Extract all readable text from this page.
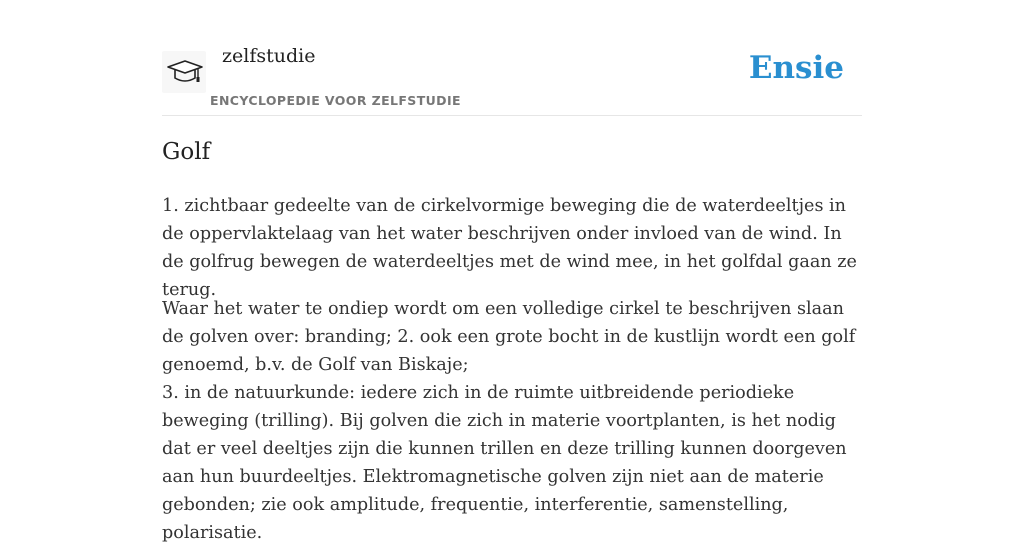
zelfstudie
ENCYCLOPEDIE VOOR ZELFSTUDIE
Ensie
Golf

1. zichtbaar gedeelte van de cirkelvormige beweging die de waterdeeltjes in de oppervlaktelaag van het water beschrijven onder invloed van de wind. In de golfrug bewegen de waterdeeltjes met de wind mee, in het golfdal gaan ze terug.

Waar het water te ondiep wordt om een volledige cirkel te beschrijven slaan de golven over: branding; 2. ook een grote bocht in de kustlijn wordt een golf genoemd, b.v. de Golf van Biskaje;
3. in de natuurkunde: iedere zich in de ruimte uitbreidende periodieke beweging (trilling). Bij golven die zich in materie voortplanten, is het nodig dat er veel deeltjes zijn die kunnen trillen en deze trilling kunnen doorgeven aan hun buurdeeltjes. Elektromagnetische golven zijn niet aan de materie gebonden; zie ook amplitude, frequentie, interferentie, samenstelling, polarisatie.
